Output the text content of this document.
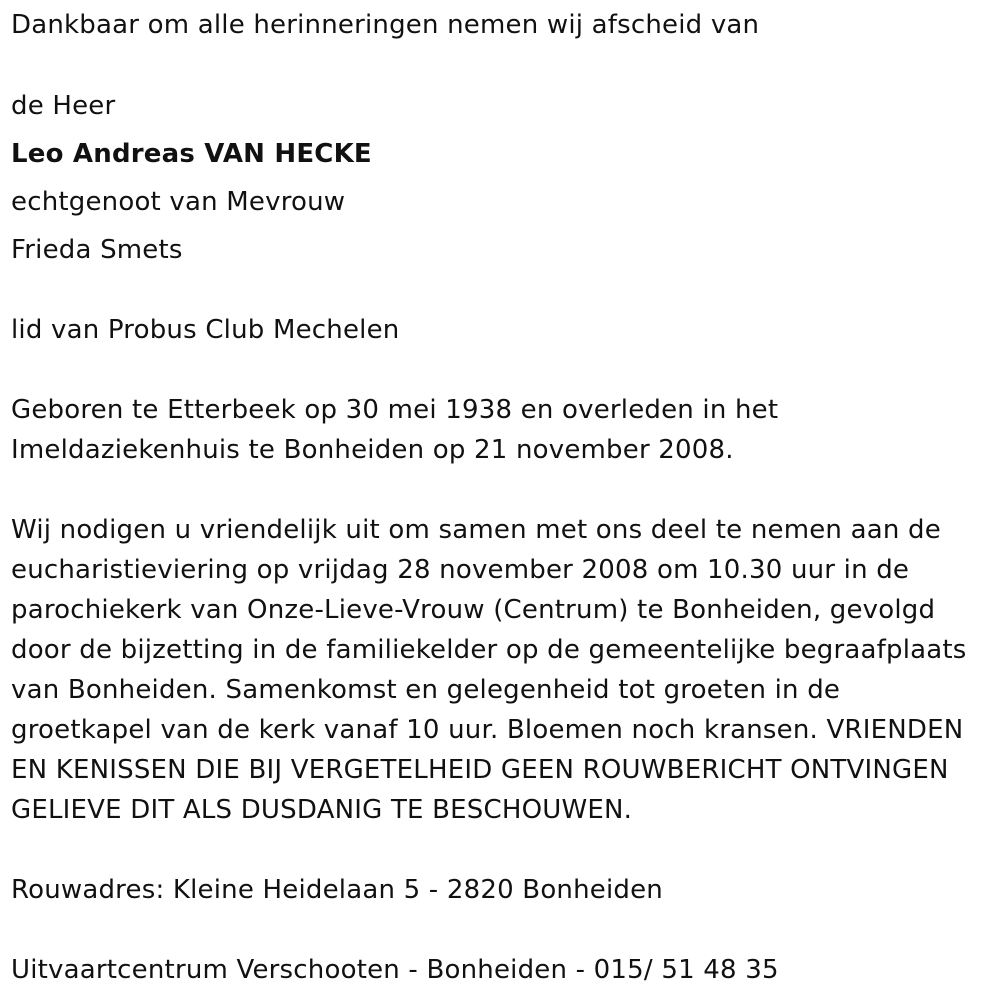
Dankbaar om alle herinneringen nemen wij afscheid van
de Heer
Leo Andreas VAN HECKE
echtgenoot van Mevrouw
Frieda Smets
lid van Probus Club Mechelen
Geboren te Etterbeek op 30 mei 1938 en overleden in het
Imeldaziekenhuis te Bonheiden op 21 november 2008.
Wij nodigen u vriendelijk uit om samen met ons deel te nemen aan de
eucharistieviering op vrijdag 28 november 2008 om 10.30 uur in de
parochiekerk van Onze-Lieve-Vrouw (Centrum) te Bonheiden, gevolgd
door de bijzetting in de familiekelder op de gemeentelijke begraafplaats
van Bonheiden. Samenkomst en gelegenheid tot groeten in de
groetkapel van de kerk vanaf 10 uur. Bloemen noch kransen. VRIENDEN
EN KENISSEN DIE BIJ VERGETELHEID GEEN ROUWBERICHT ONTVINGEN
GELIEVE DIT ALS DUSDANIG TE BESCHOUWEN.
Rouwadres: Kleine Heidelaan 5 - 2820 Bonheiden
Uitvaartcentrum Verschooten - Bonheiden - 015/ 51 48 35
